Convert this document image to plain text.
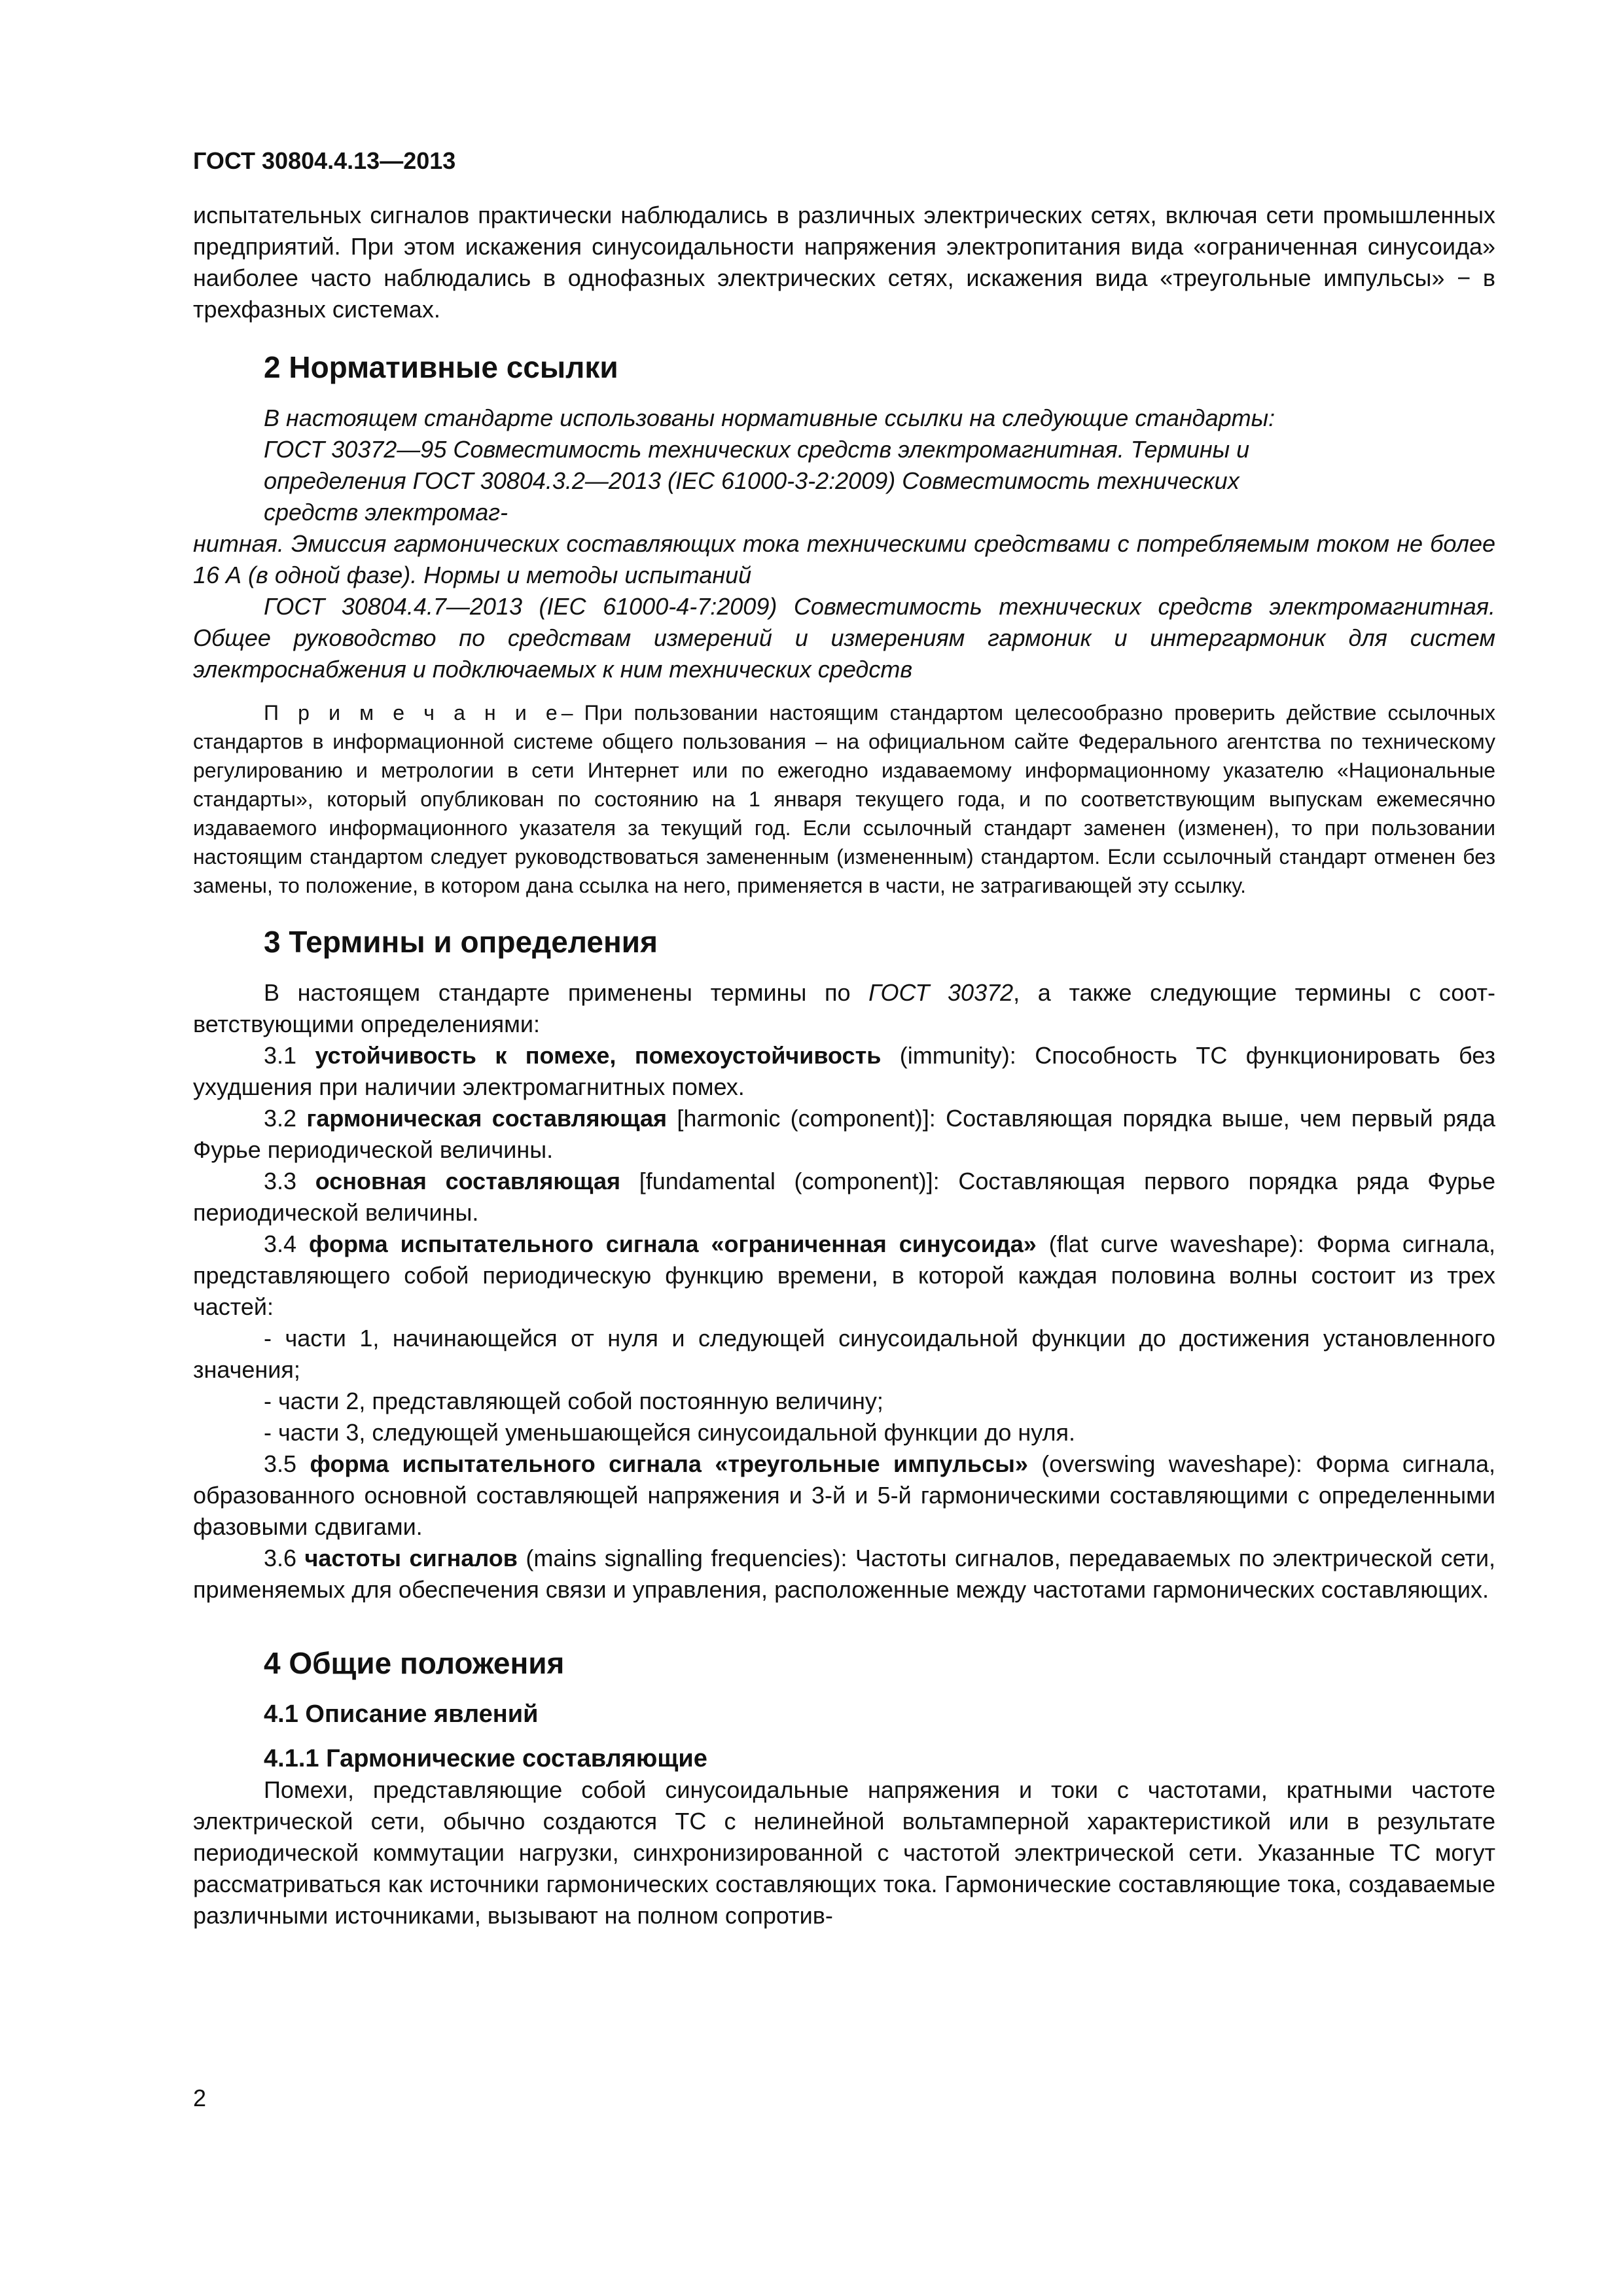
ГОСТ 30804.4.13—2013

испытательных сигналов практически наблюдались в различных электрических сетях, включая сети промышленных предприятий. При этом искажения синусоидальности напряжения электропитания вида «ограниченная синусоида» наиболее часто наблюдались в однофазных электрических сетях, искажения вида «треугольные импульсы» − в трехфазных системах.

2 Нормативные ссылки

В настоящем стандарте использованы нормативные ссылки на следующие стандарты:

ГОСТ 30372—95 Совместимость технических средств электромагнитная. Термины и

определения ГОСТ 30804.3.2—2013 (IEC 61000-3-2:2009) Совместимость технических

средств электромаг-

нитная. Эмиссия гармонических составляющих тока техническими средствами с потребляемым током не более 16 А (в одной фазе). Нормы и методы испытаний

ГОСТ 30804.4.7—2013 (IEC 61000-4-7:2009) Совместимость технических средств электромагнитная. Общее руководство по средствам измерений и измерениям гармоник и интергармоник для систем электроснабжения и подключаемых к ним технических средств

П р и м е ч а н и е– При пользовании настоящим стандартом целесообразно проверить действие ссылочных стандартов в информационной системе общего пользования – на официальном сайте Федерального агентства по техническому регулированию и метрологии в сети Интернет или по ежегодно издаваемому информационному указателю «Национальные стандарты», который опубликован по состоянию на 1 января текущего года, и по соответствующим выпускам ежемесячно издаваемого информационного указателя за текущий год. Если ссылочный стандарт заменен (изменен), то при пользовании настоящим стандартом следует руководствоваться замененным (измененным) стандартом. Если ссылочный стандарт отменен без замены, то положение, в котором дана ссылка на него, применяется в части, не затрагивающей эту ссылку.
3 Термины и определения

В настоящем стандарте применены термины по ГОСТ 30372, а также следующие термины с соответствующими определениями:

3.1 устойчивость к помехе, помехоустойчивость (immunity): Способность ТС функционировать без ухудшения при наличии электромагнитных помех.

3.2 гармоническая составляющая [harmonic (component)]: Составляющая порядка выше, чем первый ряда Фурье периодической величины.

3.3 основная составляющая [fundamental (component)]: Составляющая первого порядка ряда Фурье периодической величины.

3.4 форма испытательного сигнала «ограниченная синусоида» (flat curve waveshape): Форма сигнала, представляющего собой периодическую функцию времени, в которой каждая половина волны состоит из трех частей:

- части 1, начинающейся от нуля и следующей синусоидальной функции до достижения установленного значения;

- части 2, представляющей собой постоянную величину;

- части 3, следующей уменьшающейся синусоидальной функции до нуля.

3.5 форма испытательного сигнала «треугольные импульсы» (overswing waveshape): Форма сигнала, образованного основной составляющей напряжения и 3-й и 5-й гармоническими составляющими с определенными фазовыми сдвигами.

3.6 частоты сигналов (mains signalling frequencies): Частоты сигналов, передаваемых по электрической сети, применяемых для обеспечения связи и управления, расположенные между частотами гармонических составляющих.

4 Общие положения
4.1 Описание явлений
4.1.1 Гармонические составляющие

Помехи, представляющие собой синусоидальные напряжения и токи с частотами, кратными частоте электрической сети, обычно создаются ТС с нелинейной вольтамперной характеристикой или в результате периодической коммутации нагрузки, синхронизированной с частотой электрической сети. Указанные ТС могут рассматриваться как источники гармонических составляющих тока. Гармонические составляющие тока, создаваемые различными источниками, вызывают на полном сопротив-

2
